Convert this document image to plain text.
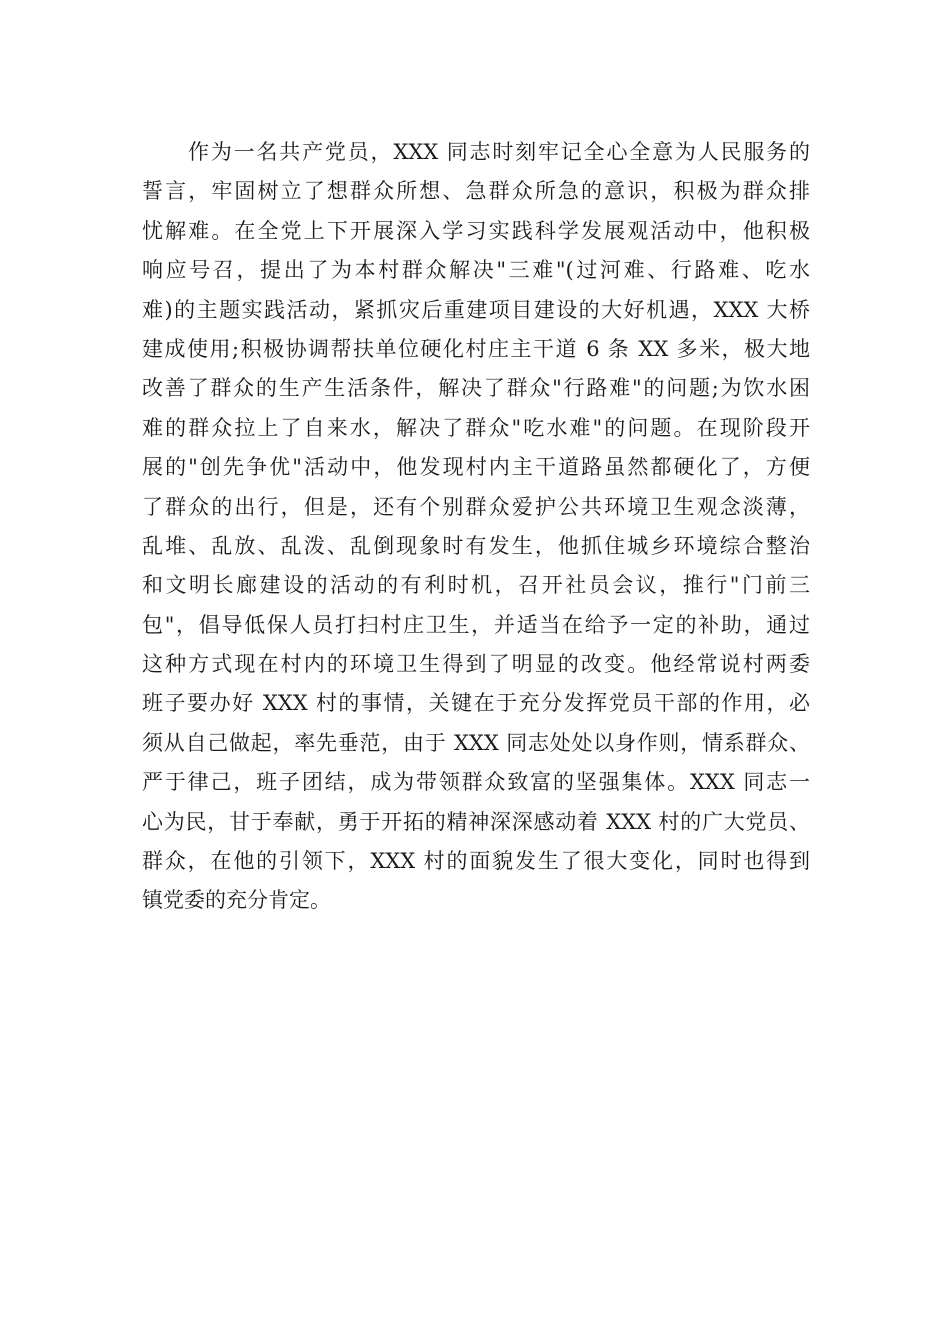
作为一名共产党员，XXX 同志时刻牢记全心全意为人民服务的
誓言，牢固树立了想群众所想、急群众所急的意识，积极为群众排
忧解难。在全党上下开展深入学习实践科学发展观活动中，他积极
响应号召，提出了为本村群众解决"三难"(过河难、行路难、吃水
难)的主题实践活动，紧抓灾后重建项目建设的大好机遇，XXX 大桥
建成使用;积极协调帮扶单位硬化村庄主干道 6 条 XX 多米，极大地
改善了群众的生产生活条件，解决了群众"行路难"的问题;为饮水困
难的群众拉上了自来水，解决了群众"吃水难"的问题。在现阶段开
展的"创先争优"活动中，他发现村内主干道路虽然都硬化了，方便
了群众的出行，但是，还有个别群众爱护公共环境卫生观念淡薄，
乱堆、乱放、乱泼、乱倒现象时有发生，他抓住城乡环境综合整治
和文明长廊建设的活动的有利时机，召开社员会议，推行"门前三
包"，倡导低保人员打扫村庄卫生，并适当在给予一定的补助，通过
这种方式现在村内的环境卫生得到了明显的改变。他经常说村两委
班子要办好 XXX 村的事情，关键在于充分发挥党员干部的作用，必
须从自己做起，率先垂范，由于 XXX 同志处处以身作则，情系群众、
严于律己，班子团结，成为带领群众致富的坚强集体。XXX 同志一
心为民，甘于奉献，勇于开拓的精神深深感动着 XXX 村的广大党员、
群众，在他的引领下，XXX 村的面貌发生了很大变化，同时也得到
镇党委的充分肯定。
